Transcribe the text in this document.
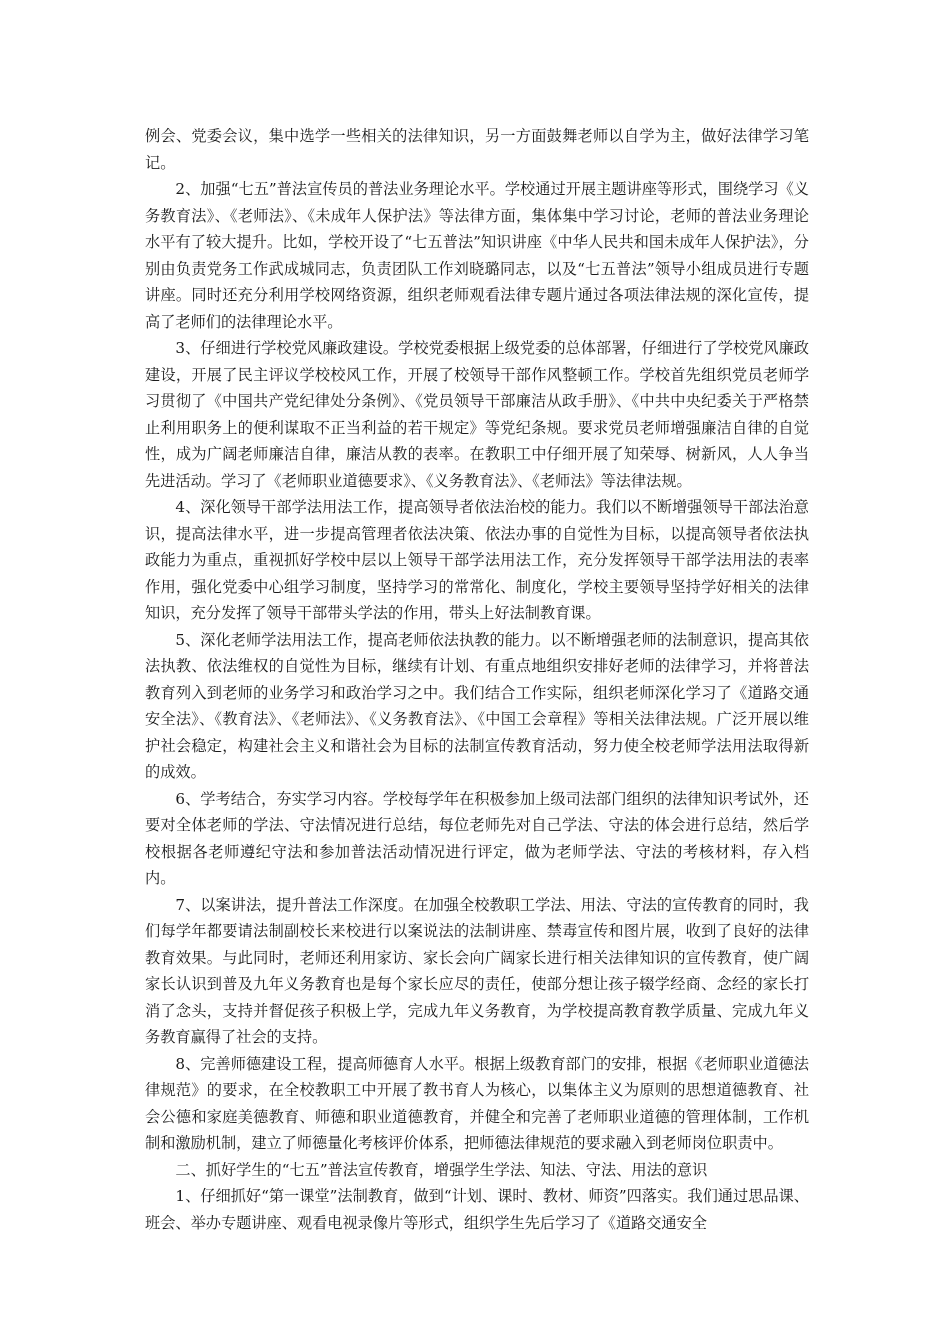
例会、党委会议，集中选学一些相关的法律知识，另一方面鼓舞老师以自学为主，做好法律学习笔记。

2、加强“七五”普法宣传员的普法业务理论水平。学校通过开展主题讲座等形式，围绕学习《义务教育法》、《老师法》、《未成年人保护法》等法律方面，集体集中学习讨论，老师的普法业务理论水平有了较大提升。比如，学校开设了“七五普法”知识讲座《中华人民共和国未成年人保护法》，分别由负责党务工作武成城同志，负责团队工作刘晓璐同志，以及“七五普法”领导小组成员进行专题讲座。同时还充分利用学校网络资源，组织老师观看法律专题片通过各项法律法规的深化宣传，提高了老师们的法律理论水平。

3、仔细进行学校党风廉政建设。学校党委根据上级党委的总体部署，仔细进行了学校党风廉政建设，开展了民主评议学校校风工作，开展了校领导干部作风整顿工作。学校首先组织党员老师学习贯彻了《中国共产党纪律处分条例》、《党员领导干部廉洁从政手册》、《中共中央纪委关于严格禁止利用职务上的便利谋取不正当利益的若干规定》等党纪条规。要求党员老师增强廉洁自律的自觉性，成为广阔老师廉洁自律，廉洁从教的表率。在教职工中仔细开展了知荣辱、树新风，人人争当先进活动。学习了《老师职业道德要求》、《义务教育法》、《老师法》等法律法规。

4、深化领导干部学法用法工作，提高领导者依法治校的能力。我们以不断增强领导干部法治意识，提高法律水平，进一步提高管理者依法决策、依法办事的自觉性为目标，以提高领导者依法执政能力为重点，重视抓好学校中层以上领导干部学法用法工作，充分发挥领导干部学法用法的表率作用，强化党委中心组学习制度，坚持学习的常常化、制度化，学校主要领导坚持学好相关的法律知识，充分发挥了领导干部带头学法的作用，带头上好法制教育课。

5、深化老师学法用法工作，提高老师依法执教的能力。以不断增强老师的法制意识，提高其依法执教、依法维权的自觉性为目标，继续有计划、有重点地组织安排好老师的法律学习，并将普法教育列入到老师的业务学习和政治学习之中。我们结合工作实际，组织老师深化学习了《道路交通安全法》、《教育法》、《老师法》、《义务教育法》、《中国工会章程》等相关法律法规。广泛开展以维护社会稳定，构建社会主义和谐社会为目标的法制宣传教育活动，努力使全校老师学法用法取得新的成效。

6、学考结合，夯实学习内容。学校每学年在积极参加上级司法部门组织的法律知识考试外，还要对全体老师的学法、守法情况进行总结，每位老师先对自己学法、守法的体会进行总结，然后学校根据各老师遵纪守法和参加普法活动情况进行评定，做为老师学法、守法的考核材料，存入档内。

7、以案讲法，提升普法工作深度。在加强全校教职工学法、用法、守法的宣传教育的同时，我们每学年都要请法制副校长来校进行以案说法的法制讲座、禁毒宣传和图片展，收到了良好的法律教育效果。与此同时，老师还利用家访、家长会向广阔家长进行相关法律知识的宣传教育，使广阔家长认识到普及九年义务教育也是每个家长应尽的责任，使部分想让孩子辍学经商、念经的家长打消了念头，支持并督促孩子积极上学，完成九年义务教育，为学校提高教育教学质量、完成九年义务教育赢得了社会的支持。

8、完善师德建设工程，提高师德育人水平。根据上级教育部门的安排，根据《老师职业道德法律规范》的要求，在全校教职工中开展了教书育人为核心，以集体主义为原则的思想道德教育、社会公德和家庭美德教育、师德和职业道德教育，并健全和完善了老师职业道德的管理体制，工作机制和激励机制，建立了师德量化考核评价体系，把师德法律规范的要求融入到老师岗位职责中。

二、抓好学生的“七五”普法宣传教育，增强学生学法、知法、守法、用法的意识

1、仔细抓好“第一课堂”法制教育，做到“计划、课时、教材、师资”四落实。我们通过思品课、班会、举办专题讲座、观看电视录像片等形式，组织学生先后学习了《道路交通安全
